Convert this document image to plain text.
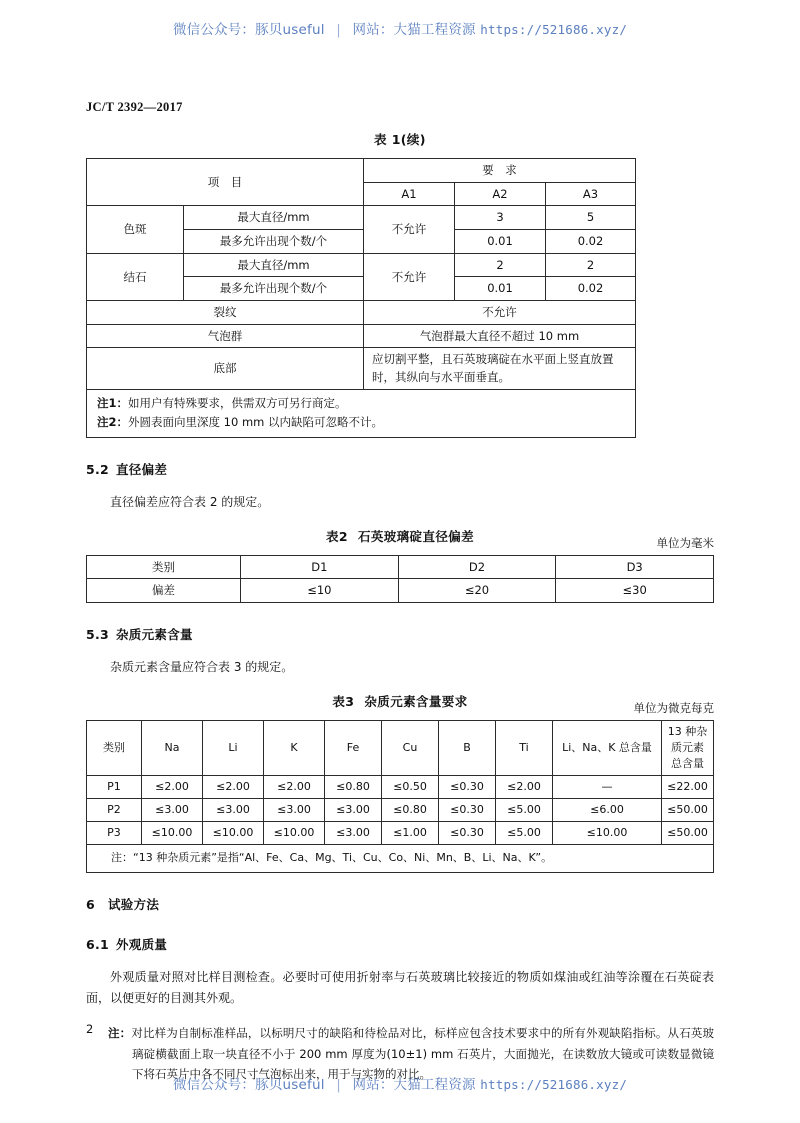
微信公众号：豚贝useful | 网站：大猫工程资源 https://521686.xyz/
JC/T 2392—2017
表 1(续)
项　目		要　求		
		A1	A2	A3
色斑	最大直径/mm	不允许	3	5
	最多允许出现个数/个		0.01	0.02
结石	最大直径/mm	不允许	2	2
	最多允许出现个数/个		0.01	0.02
裂纹		不允许		
气泡群		气泡群最大直径不超过 10 mm		
底部		应切割平整，且石英玻璃碇在水平面上竖直放置时，其纵向与水平面垂直。		

注1：如用户有特殊要求，供需双方可另行商定。
注2：外圆表面向里深度 10 mm 以内缺陷可忽略不计。				
5.2 直径偏差

直径偏差应符合表 2 的规定。

表2 石英玻璃碇直径偏差	单位为毫米
类别	D1	D2	D3
偏差	≤10	≤20	≤30
5.3 杂质元素含量

杂质元素含量应符合表 3 的规定。

表3 杂质元素含量要求	单位为微克每克
类别	Na	Li	K	Fe	Cu	B	Ti	Li、Na、K 总含量	13 种杂质元素总含量
P1	≤2.00	≤2.00	≤2.00	≤0.80	≤0.50	≤0.30	≤2.00	—	≤22.00
P2	≤3.00	≤3.00	≤3.00	≤3.00	≤0.80	≤0.30	≤5.00	≤6.00	≤50.00
P3	≤10.00	≤10.00	≤10.00	≤3.00	≤1.00	≤0.30	≤5.00	≤10.00	≤50.00
注：“13 种杂质元素”是指“Al、Fe、Ca、Mg、Ti、Cu、Co、Ni、Mn、B、Li、Na、K”。									
6 试验方法
6.1 外观质量

外观质量对照对比样目测检查。必要时可使用折射率与石英玻璃比较接近的物质如煤油或红油等涂覆在石英碇表面，以便更好的目测其外观。

注：对比样为自制标准样品，以标明尺寸的缺陷和待检品对比，标样应包含技术要求中的所有外观缺陷指标。从石英玻璃碇横截面上取一块直径不小于 200 mm 厚度为(10±1) mm 石英片，大面抛光，在读数放大镜或可读数显微镜下将石英片中各不同尺寸气泡标出来，用于与实物的对比。

2
微信公众号：豚贝useful | 网站：大猫工程资源 https://521686.xyz/
